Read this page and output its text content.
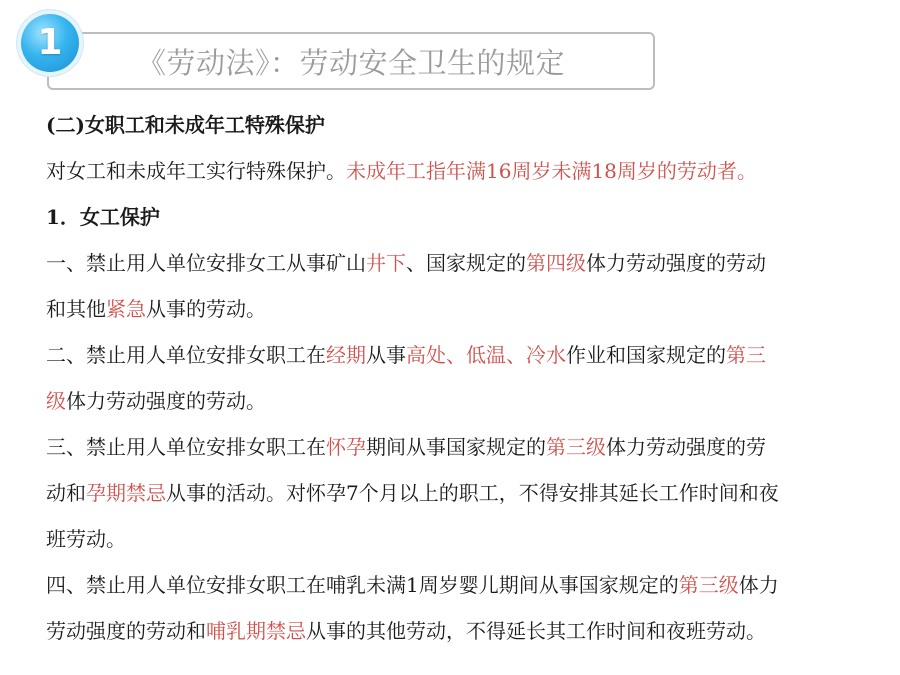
《劳动法》：劳动安全卫生的规定
1
(二)女职工和未成年工特殊保护
对女工和未成年工实行特殊保护。未成年工指年满16周岁未满18周岁的劳动者。
1．女工保护
一、禁止用人单位安排女工从事矿山井下、国家规定的第四级体力劳动强度的劳动
和其他紧急从事的劳动。
二、禁止用人单位安排女职工在经期从事高处、低温、冷水作业和国家规定的第三
级体力劳动强度的劳动。
三、禁止用人单位安排女职工在怀孕期间从事国家规定的第三级体力劳动强度的劳
动和孕期禁忌从事的活动。对怀孕7个月以上的职工，不得安排其延长工作时间和夜
班劳动。
四、禁止用人单位安排女职工在哺乳未满1周岁婴儿期间从事国家规定的第三级体力
劳动强度的劳动和哺乳期禁忌从事的其他劳动，不得延长其工作时间和夜班劳动。
